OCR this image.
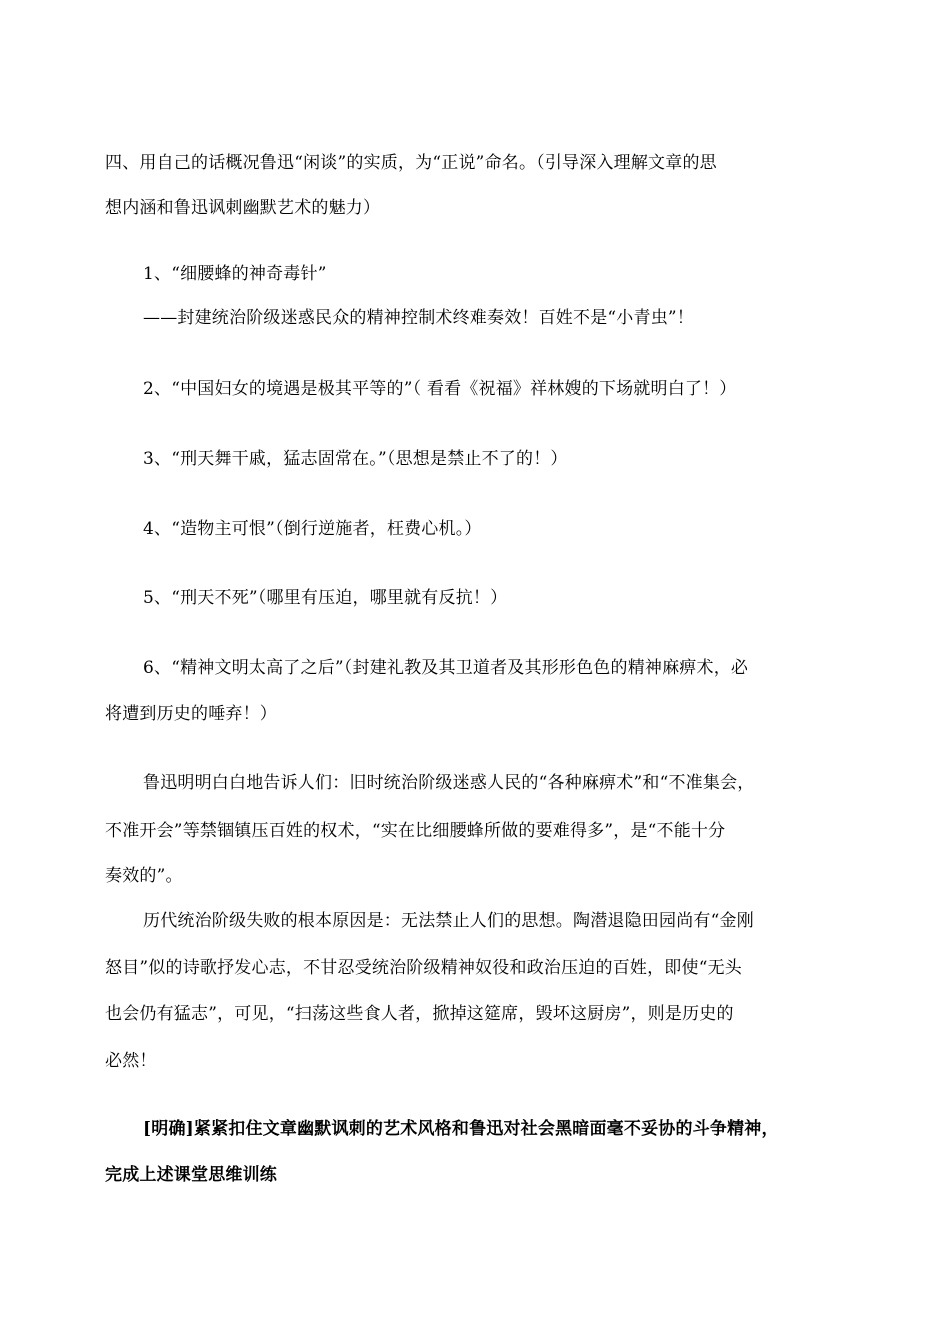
四、用自己的话概况鲁迅“闲谈”的实质，为“正说”命名。（引导深入理解文章的思
想内涵和鲁迅讽刺幽默艺术的魅力）
1、“细腰蜂的神奇毒针”
——封建统治阶级迷惑民众的精神控制术终难奏效！百姓不是“小青虫”！
2、“中国妇女的境遇是极其平等的”（ 看看《祝福》祥林嫂的下场就明白了！）
3、“刑天舞干戚，猛志固常在。”（思想是禁止不了的！）
4、“造物主可恨”（倒行逆施者，枉费心机。）
5、“刑天不死”（哪里有压迫，哪里就有反抗！）
6、“精神文明太高了之后”（封建礼教及其卫道者及其形形色色的精神麻痹术，必
将遭到历史的唾弃！）
鲁迅明明白白地告诉人们：旧时统治阶级迷惑人民的“各种麻痹术”和“不准集会，
不准开会”等禁锢镇压百姓的权术，“实在比细腰蜂所做的要难得多”，是“不能十分
奏效的”。
历代统治阶级失败的根本原因是：无法禁止人们的思想。陶潜退隐田园尚有“金刚
怒目”似的诗歌抒发心志，不甘忍受统治阶级精神奴役和政治压迫的百姓，即使“无头
也会仍有猛志”，可见，“扫荡这些食人者，掀掉这筵席，毁坏这厨房”，则是历史的
必然！
[明确]紧紧扣住文章幽默讽刺的艺术风格和鲁迅对社会黑暗面毫不妥协的斗争精神，
完成上述课堂思维训练
